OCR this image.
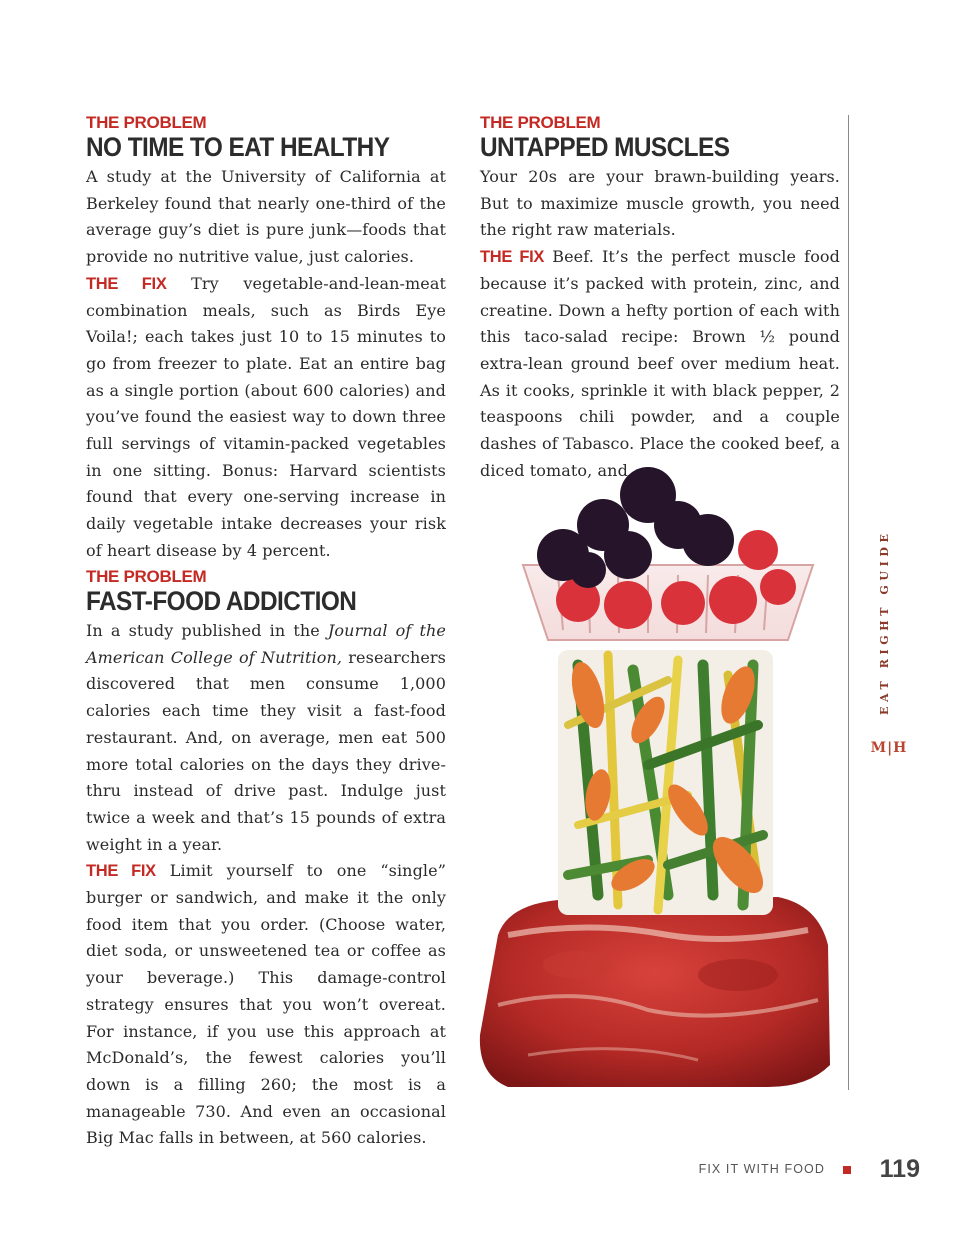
THE PROBLEM

NO TIME TO EAT HEALTHY

A study at the University of California at Berkeley found that nearly one-third of the average guy’s diet is pure junk—foods that provide no nutritive value, just calories.

THE FIX Try vegetable-and-lean-meat combination meals, such as Birds Eye Voila!; each takes just 10 to 15 minutes to go from freezer to plate. Eat an entire bag as a single portion (about 600 calories) and you’ve found the easiest way to down three full servings of vitamin-packed vegetables in one sitting. Bonus: Harvard scientists found that every one-serving increase in daily vegetable intake decreases your risk of heart disease by 4 percent.

THE PROBLEM

FAST-FOOD ADDICTION

In a study published in the Journal of the American College of Nutrition, researchers discovered that men consume 1,000 calories each time they visit a fast-food restaurant. And, on average, men eat 500 more total calories on the days they drive-thru instead of drive past. Indulge just twice a week and that’s 15 pounds of extra weight in a year.

THE FIX Limit yourself to one “single” burger or sandwich, and make it the only food item that you order. (Choose water, diet soda, or unsweetened tea or coffee as your beverage.) This damage-control strategy ensures that you won’t overeat. For instance, if you use this approach at McDonald’s, the fewest calories you’ll down is a filling 260; the most is a manageable 730. And even an occasional Big Mac falls in between, at 560 calories.

THE PROBLEM

UNTAPPED MUSCLES

Your 20s are your brawn-building years. But to maximize muscle growth, you need the right raw materials.

THE FIX Beef. It’s the perfect muscle food because it’s packed with protein, zinc, and creatine. Down a hefty portion of each with this taco-salad recipe: Brown ½ pound extra-lean ground beef over medium heat. As it cooks, sprinkle it with black pepper, 2 teaspoons chili powder, and a couple dashes of Tabasco. Place the cooked beef, a diced tomato, and

EAT RIGHT GUIDE
M|H
FIX IT WITH FOOD	119
